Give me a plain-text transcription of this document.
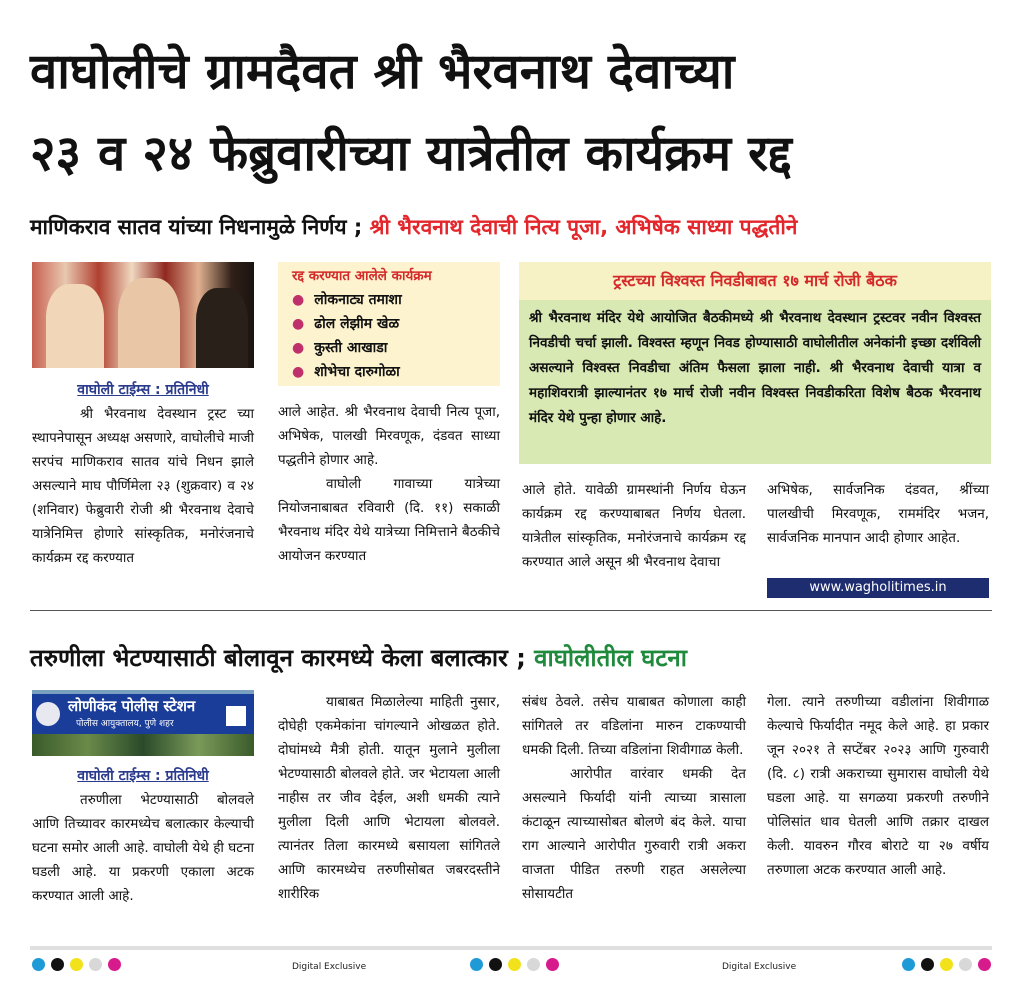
वाघोलीचे ग्रामदैवत श्री भैरवनाथ देवाच्या
२३ व २४ फेब्रुवारीच्या यात्रेतील कार्यक्रम रद्द
माणिकराव सातव यांच्या निधनामुळे निर्णय ; श्री भैरवनाथ देवाची नित्य पूजा, अभिषेक साध्या पद्धतीने

वाघोली टाईम्स : प्रतिनिधी

श्री भैरवनाथ देवस्थान ट्रस्ट च्या स्थापनेपासून अध्यक्ष असणारे, वाघोलीचे माजी सरपंच माणिकराव सातव यांचे निधन झाले असल्याने माघ पौर्णिमेला २३ (शुक्रवार) व २४ (शनिवार) फेब्रुवारी रोजी श्री भैरवनाथ देवाचे यात्रेनिमित्त होणारे सांस्कृतिक, मनोरंजनाचे कार्यक्रम रद्द करण्यात

रद्द करण्यात आलेले कार्यक्रम
● लोकनाट्य तमाशा
● ढोल लेझीम खेळ
● कुस्ती आखाडा
● शोभेचा दारुगोळा

आले आहेत. श्री भैरवनाथ देवाची नित्य पूजा, अभिषेक, पालखी मिरवणूक, दंडवत साध्या पद्धतीने होणार आहे.

वाघोली गावाच्या यात्रेच्या नियोजनाबाबत रविवारी (दि. ११) सकाळी भैरवनाथ मंदिर येथे यात्रेच्या निमित्ताने बैठकीचे आयोजन करण्यात

ट्रस्टच्या विश्वस्त निवडीबाबत १७ मार्च रोजी बैठक
श्री भैरवनाथ मंदिर येथे आयोजित बैठकीमध्ये श्री भैरवनाथ देवस्थान ट्रस्टवर नवीन विश्वस्त निवडीची चर्चा झाली. विश्वस्त म्हणून निवड होण्यासाठी वाघोलीतील अनेकांनी इच्छा दर्शविली असल्याने विश्वस्त निवडीचा अंतिम फैसला झाला नाही. श्री भैरवनाथ देवाची यात्रा व महाशिवरात्री झाल्यानंतर १७ मार्च रोजी नवीन विश्वस्त निवडीकरिता विशेष बैठक भैरवनाथ मंदिर येथे पुन्हा होणार आहे.

आले होते. यावेळी ग्रामस्थांनी निर्णय घेऊन कार्यक्रम रद्द करण्याबाबत निर्णय घेतला. यात्रेतील सांस्कृतिक, मनोरंजनाचे कार्यक्रम रद्द करण्यात आले असून श्री भैरवनाथ देवाचा

अभिषेक, सार्वजनिक दंडवत, श्रींच्या पालखीची मिरवणूक, राममंदिर भजन, सार्वजनिक मानपान आदी होणार आहेत.

www.wagholitimes.in
तरुणीला भेटण्यासाठी बोलावून कारमध्ये केला बलात्कार ; वाघोलीतील घटना
लोणीकंद पोलीस स्टेशन
पोलीस आयुक्तालय, पुणे शहर

वाघोली टाईम्स : प्रतिनिधी

तरुणीला भेटण्यासाठी बोलवले आणि तिच्यावर कारमध्येच बलात्कार केल्याची घटना समोर आली आहे. वाघोली येथे ही घटना घडली आहे. या प्रकरणी एकाला अटक करण्यात आली आहे.

याबाबत मिळालेल्या माहिती नुसार, दोघेही एकमेकांना चांगल्याने ओखळत होते. दोघांमध्ये मैत्री होती. यातून मुलाने मुलीला भेटण्यासाठी बोलवले होते. जर भेटायला आली नाहीस तर जीव देईल, अशी धमकी त्याने मुलीला दिली आणि भेटायला बोलवले. त्यानंतर तिला कारमध्ये बसायला सांगितले आणि कारमध्येच तरुणीसोबत जबरदस्तीने शारीरिक

संबंध ठेवले. तसेच याबाबत कोणाला काही सांगितले तर वडिलांना मारुन टाकण्याची धमकी दिली. तिच्या वडिलांना शिवीगाळ केली.

आरोपीत वारंवार धमकी देत असल्याने फिर्यादी यांनी त्याच्या त्रासाला कंटाळून त्याच्यासोबत बोलणे बंद केले. याचा राग आल्याने आरोपीत गुरुवारी रात्री अकरा वाजता पीडित तरुणी राहत असलेल्या सोसायटीत

गेला. त्याने तरुणीच्या वडीलांना शिवीगाळ केल्याचे फिर्यादीत नमूद केले आहे. हा प्रकार जून २०२१ ते सप्टेंबर २०२३ आणि गुरुवारी (दि. ८) रात्री अकराच्या सुमारास वाघोली येथे घडला आहे. या सगळया प्रकरणी तरुणीने पोलिसांत धाव घेतली आणि तक्रार दाखल केली. यावरुन गौरव बोराटे या २७ वर्षीय तरुणाला अटक करण्यात आली आहे.

Digital Exclusive	Digital Exclusive
